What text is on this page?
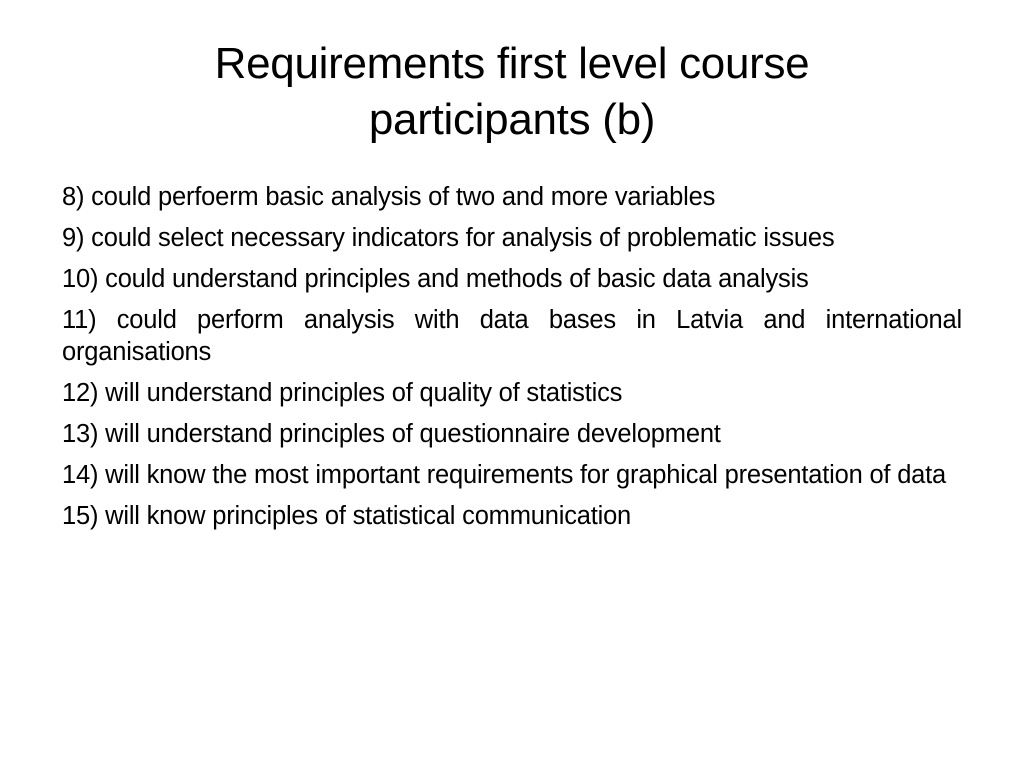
Requirements first level course
participants (b)
8) could perfoerm basic analysis of two and more variables
9) could select necessary indicators for analysis of problematic issues
10) could understand principles and methods of basic data analysis
11) could perform analysis with data bases in Latvia and international organisations
12) will understand principles of quality of statistics
13) will understand principles of questionnaire development
14) will know the most important requirements for graphical presentation of data
15) will know principles of statistical communication
